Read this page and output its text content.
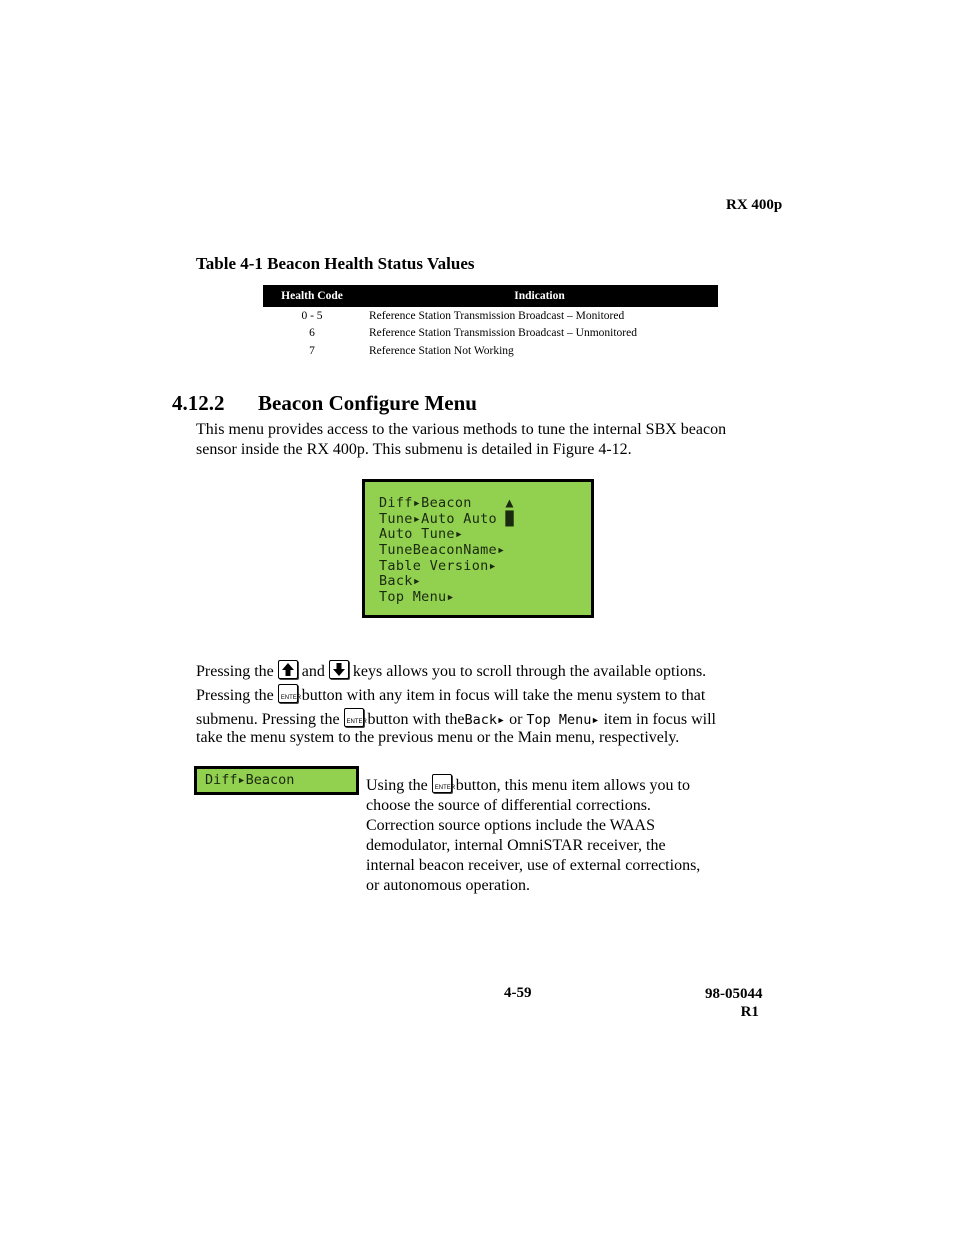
RX 400p
Table 4-1 Beacon Health Status Values
Health Code	Indication
0 - 5	Reference Station Transmission Broadcast – Monitored
6	Reference Station Transmission Broadcast – Unmonitored
7	Reference Station Not Working
4.12.2 Beacon Configure Menu
This menu provides access to the various methods to tune the internal SBX beacon
sensor inside the RX 400p. This submenu is detailed in Figure 4-12.
Diff▸Beacon    ▲
Tune▸Auto Auto █
Auto Tune▸
TuneBeaconName▸
Table Version▸
Back▸
Top Menu▸
Pressing the and keys allows you to scroll through the available options.
Pressing the ENTER button with any item in focus will take the menu system to that
submenu. Pressing the ENTER button with theBack▸ or Top Menu▸ item in focus will
take the menu system to the previous menu or the Main menu, respectively.
Diff▸Beacon	Using the ENTER button, this menu item allows you to
choose the source of differential corrections.
Correction source options include the WAAS
demodulator, internal OmniSTAR receiver, the
internal beacon receiver, use of external corrections,
or autonomous operation.
4-59	98-05044
R1
